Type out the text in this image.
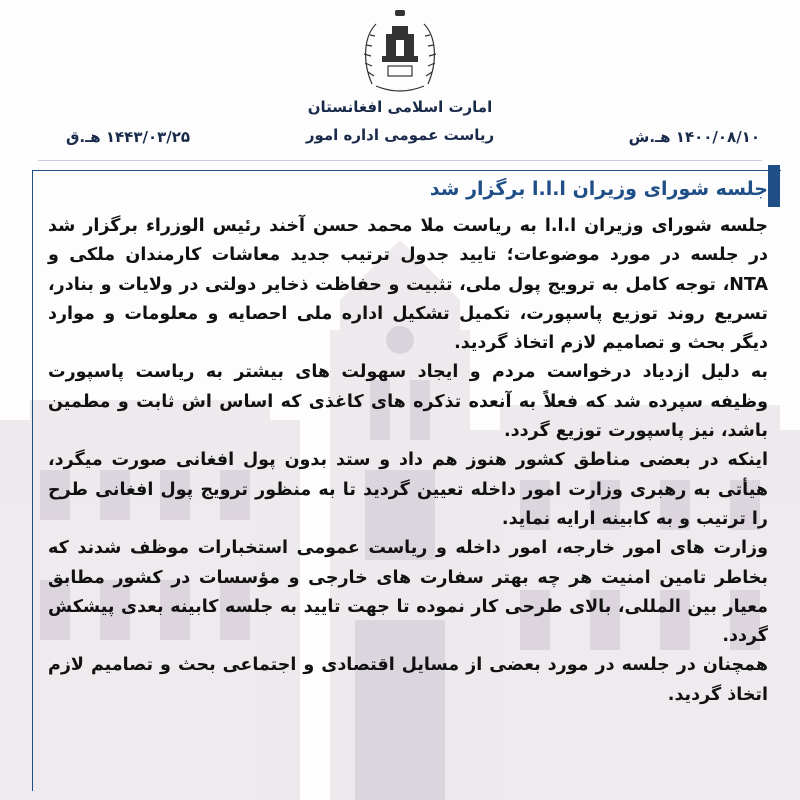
امارت اسلامی افغانستان
ریاست عمومی اداره امور
۱۴۴۳/۰۳/۲۵ هـ.ق	۱۴۰۰/۰۸/۱۰ هـ.ش
جلسه شورای وزیران ا.ا.ا برگزار شد

جلسه شورای وزیران ا.ا.ا به ریاست ملا محمد حسن آخند رئیس الوزراء برگزار شد در جلسه در مورد موضوعات؛ تایید جدول ترتیب جدید معاشات کارمندان ملکی و NTA، توجه کامل به ترویج پول ملی، تثبیت و حفاظت ذخایر دولتی در ولایات و بنادر، تسریع روند توزیع پاسپورت، تکمیل تشکیل اداره ملی احصایه و معلومات و موارد دیگر بحث و تصامیم لازم اتخاذ گردید.

به دلیل ازدیاد درخواست مردم و ایجاد سهولت های بیشتر به ریاست پاسپورت وظیفه سپرده شد که فعلاً به آنعده تذکره های کاغذی که اساس اش ثابت و مطمین باشد، نیز پاسپورت توزیع گردد.

اینکه در بعضی مناطق کشور هنوز هم داد و ستد بدون پول افغانی صورت میگرد، هیأتی به رهبری وزارت امور داخله تعیین گردید تا به منظور ترویج پول افغانی طرح را ترتیب و به کابینه ارایه نماید.

وزارت های امور خارجه، امور داخله و ریاست عمومی استخبارات موظف شدند که بخاطر تامین امنیت هر چه بهتر سفارت های خارجی و مؤسسات در کشور مطابق معیار بین المللی، بالای طرحی کار نموده تا جهت تایید به جلسه کابینه بعدی پیشکش گردد.

همچنان در جلسه در مورد بعضی از مسایل اقتصادی و اجتماعی بحث و تصامیم لازم اتخاذ گردید.
